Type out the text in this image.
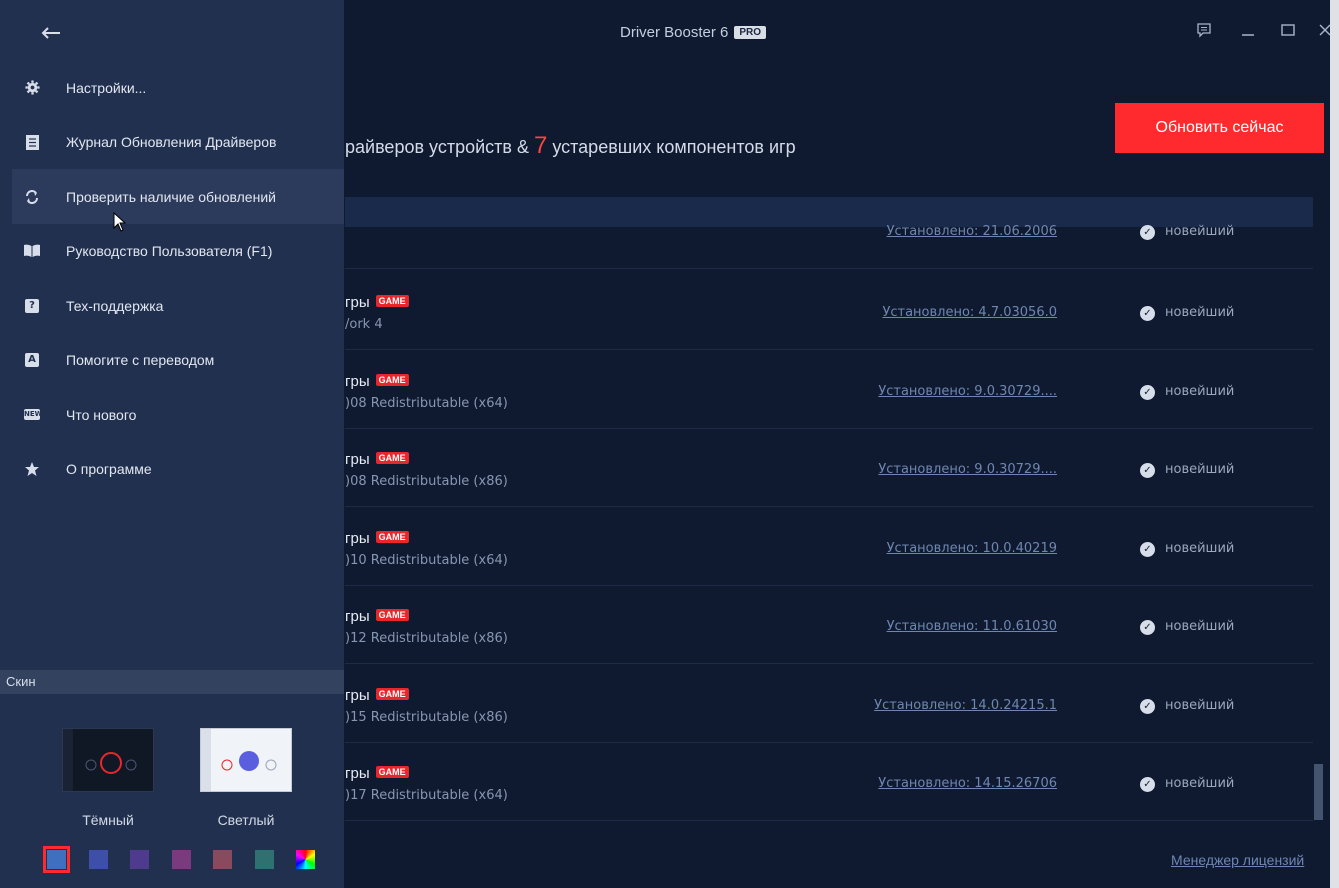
Driver Booster 6 PRO
райверов устройств & 7 устаревших компонентов игр
Обновить сейчас
Установлено: 21.06.2006	✓ новейший
гры GAME
/ork 4
Установлено: 4.7.03056.0	✓ новейший
гры GAME
)08 Redistributable (x64)
Установлено: 9.0.30729....	✓ новейший
гры GAME
)08 Redistributable (x86)
Установлено: 9.0.30729....	✓ новейший
гры GAME
)10 Redistributable (x64)
Установлено: 10.0.40219	✓ новейший
гры GAME
)12 Redistributable (x86)
Установлено: 11.0.61030	✓ новейший
гры GAME
)15 Redistributable (x86)
Установлено: 14.0.24215.1	✓ новейший
гры GAME
)17 Redistributable (x64)
Установлено: 14.15.26706	✓ новейший
Менеджер лицензий
Настройки...
Журнал Обновления Драйверов
Проверить наличие обновлений
Руководство Пользователя (F1)
?	Тех-поддержка
A	Помогите с переводом
NEW	Что нового
О программе
Скин
Тёмный	Светлый
